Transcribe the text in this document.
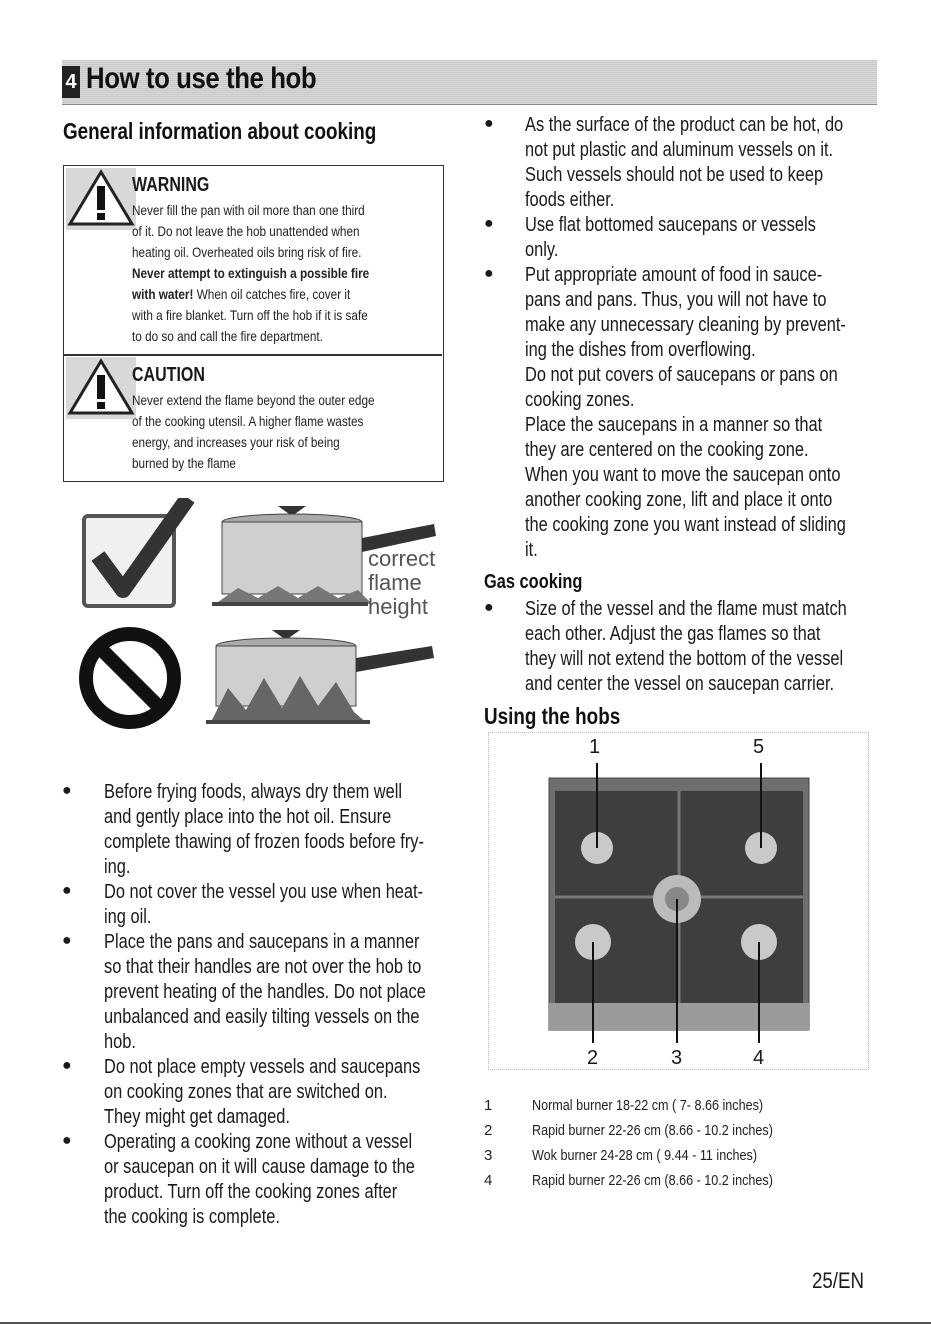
4 How to use the hob
General information about cooking
WARNING
Never fill the pan with oil more than one third
of it. Do not leave the hob unattended when
heating oil. Overheated oils bring risk of fire.
Never attempt to extinguish a possible fire
with water! When oil catches fire, cover it
with a fire blanket. Turn off the hob if it is safe
to do so and call the fire department.
CAUTION
Never extend the flame beyond the outer edge
of the cooking utensil. A higher flame wastes
energy, and increases your risk of being
burned by the flame
correct
flame
height
● Before frying foods, always dry them well
and gently place into the hot oil. Ensure
complete thawing of frozen foods before fry-
ing.
● Do not cover the vessel you use when heat-
ing oil.
● Place the pans and saucepans in a manner
so that their handles are not over the hob to
prevent heating of the handles. Do not place
unbalanced and easily tilting vessels on the
hob.
● Do not place empty vessels and saucepans
on cooking zones that are switched on.
They might get damaged.
● Operating a cooking zone without a vessel
or saucepan on it will cause damage to the
product. Turn off the cooking zones after
the cooking is complete.
● As the surface of the product can be hot, do
not put plastic and aluminum vessels on it.
Such vessels should not be used to keep
foods either.
● Use flat bottomed saucepans or vessels
only.
● Put appropriate amount of food in sauce-
pans and pans. Thus, you will not have to
make any unnecessary cleaning by prevent-
ing the dishes from overflowing.
Do not put covers of saucepans or pans on
cooking zones.
Place the saucepans in a manner so that
they are centered on the cooking zone.
When you want to move the saucepan onto
another cooking zone, lift and place it onto
the cooking zone you want instead of sliding
it.
Gas cooking
● Size of the vessel and the flame must match
each other. Adjust the gas flames so that
they will not extend the bottom of the vessel
and center the vessel on saucepan carrier.
Using the hobs
1	5
2	3	4
1	Normal burner 18-22 cm ( 7- 8.66 inches)
2	Rapid burner 22-26 cm (8.66 - 10.2 inches)
3	Wok burner 24-28 cm ( 9.44 - 11 inches)
4	Rapid burner 22-26 cm (8.66 - 10.2 inches)
25/EN
